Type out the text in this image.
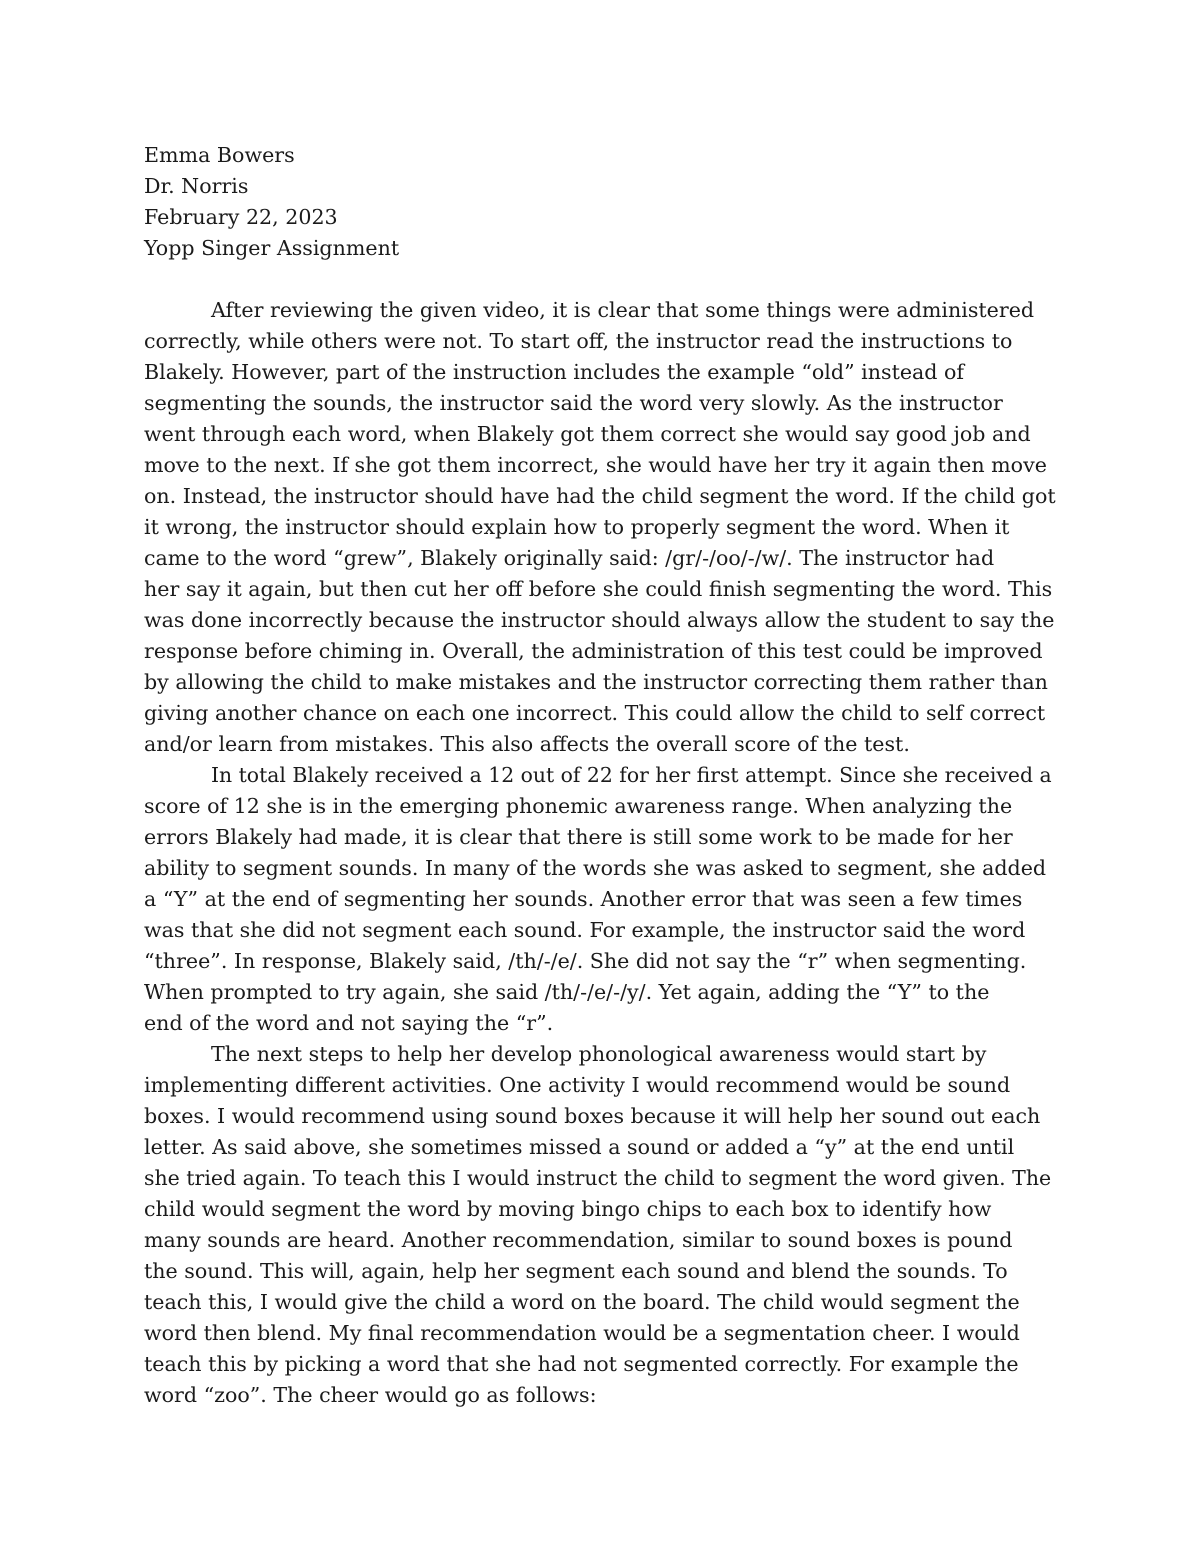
Emma Bowers
Dr. Norris
February 22, 2023
Yopp Singer Assignment
After reviewing the given video, it is clear that some things were administered
correctly, while others were not. To start off, the instructor read the instructions to
Blakely. However, part of the instruction includes the example “old” instead of
segmenting the sounds, the instructor said the word very slowly. As the instructor
went through each word, when Blakely got them correct she would say good job and
move to the next. If she got them incorrect, she would have her try it again then move
on. Instead, the instructor should have had the child segment the word. If the child got
it wrong, the instructor should explain how to properly segment the word. When it
came to the word “grew”, Blakely originally said: /gr/-/oo/-/w/. The instructor had
her say it again, but then cut her off before she could finish segmenting the word. This
was done incorrectly because the instructor should always allow the student to say the
response before chiming in. Overall, the administration of this test could be improved
by allowing the child to make mistakes and the instructor correcting them rather than
giving another chance on each one incorrect. This could allow the child to self correct
and/or learn from mistakes. This also affects the overall score of the test.
In total Blakely received a 12 out of 22 for her first attempt. Since she received a
score of 12 she is in the emerging phonemic awareness range. When analyzing the
errors Blakely had made, it is clear that there is still some work to be made for her
ability to segment sounds. In many of the words she was asked to segment, she added
a “Y” at the end of segmenting her sounds. Another error that was seen a few times
was that she did not segment each sound. For example, the instructor said the word
“three”. In response, Blakely said, /th/-/e/. She did not say the “r” when segmenting.
When prompted to try again, she said /th/-/e/-/y/. Yet again, adding the “Y” to the
end of the word and not saying the “r”.
The next steps to help her develop phonological awareness would start by
implementing different activities. One activity I would recommend would be sound
boxes. I would recommend using sound boxes because it will help her sound out each
letter. As said above, she sometimes missed a sound or added a “y” at the end until
she tried again. To teach this I would instruct the child to segment the word given. The
child would segment the word by moving bingo chips to each box to identify how
many sounds are heard. Another recommendation, similar to sound boxes is pound
the sound. This will, again, help her segment each sound and blend the sounds. To
teach this, I would give the child a word on the board. The child would segment the
word then blend. My final recommendation would be a segmentation cheer. I would
teach this by picking a word that she had not segmented correctly. For example the
word “zoo”. The cheer would go as follows:
